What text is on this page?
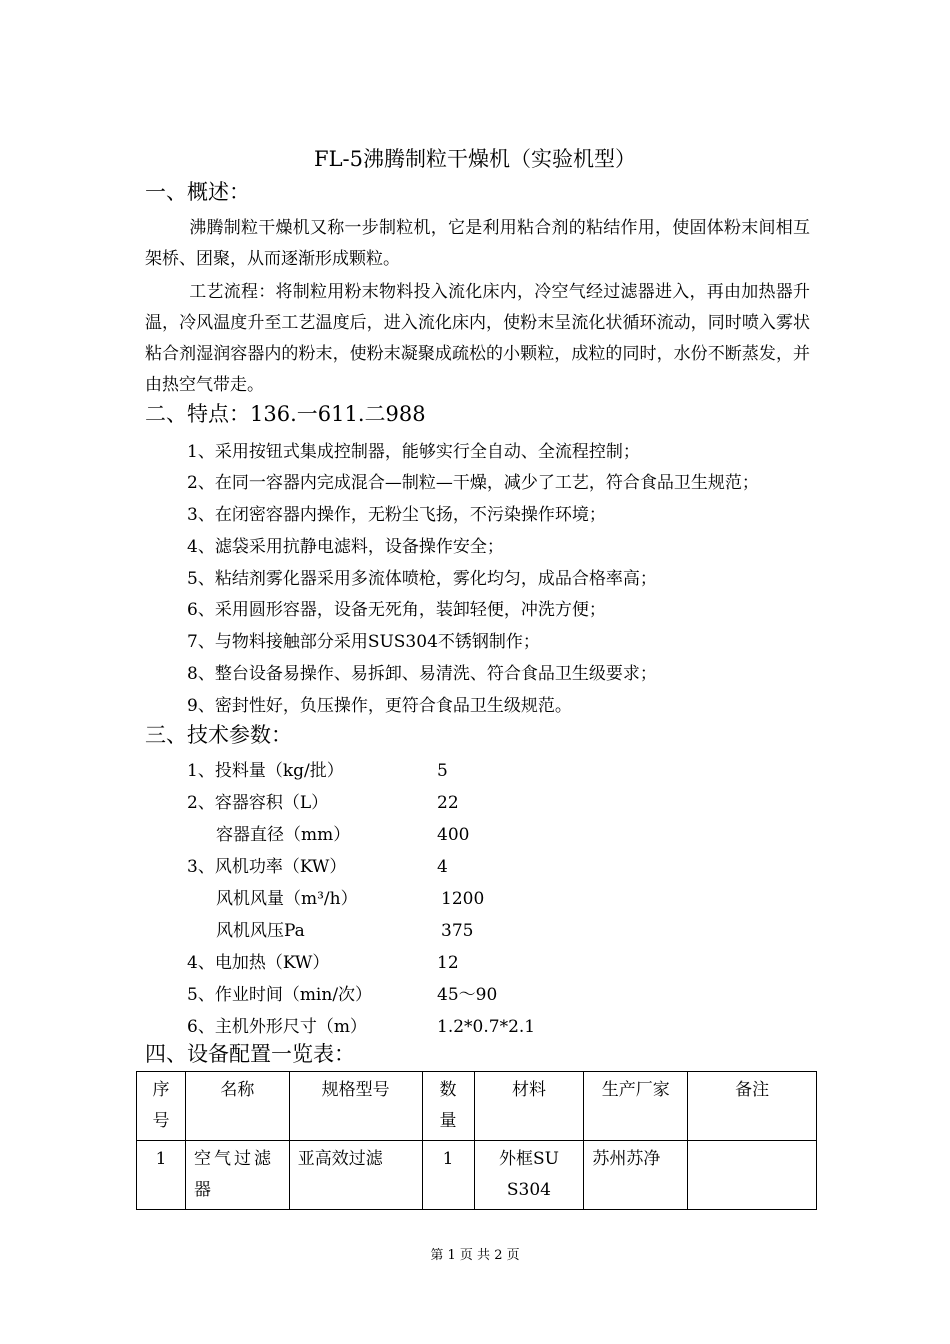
FL-5沸腾制粒干燥机（实验机型）
一、概述：
沸腾制粒干燥机又称一步制粒机，它是利用粘合剂的粘结作用，使固体粉末间相互架桥、团聚，从而逐渐形成颗粒。
工艺流程：将制粒用粉末物料投入流化床内，冷空气经过滤器进入，再由加热器升温，冷风温度升至工艺温度后，进入流化床内，使粉末呈流化状循环流动，同时喷入雾状粘合剂湿润容器内的粉末，使粉末凝聚成疏松的小颗粒，成粒的同时，水份不断蒸发，并由热空气带走。
二、特点：136.一611.二988
1、采用按钮式集成控制器，能够实行全自动、全流程控制；
2、在同一容器内完成混合—制粒—干燥，减少了工艺，符合食品卫生规范；
3、在闭密容器内操作，无粉尘飞扬，不污染操作环境；
4、滤袋采用抗静电滤料，设备操作安全；
5、粘结剂雾化器采用多流体喷枪，雾化均匀，成品合格率高；
6、采用圆形容器，设备无死角，装卸轻便，冲洗方便；
7、与物料接触部分采用SUS304不锈钢制作；
8、整台设备易操作、易拆卸、易清洗、符合食品卫生级要求；
9、密封性好，负压操作，更符合食品卫生级规范。
三、技术参数：
1、投料量（kg/批）	5
2、容器容积（L）	22
容器直径（mm）	400
3、风机功率（KW）	4
风机风量（m³/h）	1200
风机风压Pa	375
4、电加热（KW）	12
5、作业时间（min/次）	45～90
6、主机外形尺寸（m）	1.2*0.7*2.1
四、设备配置一览表：
序号	名称	规格型号	数量	材料	生产厂家	备注
1	空气过滤器	亚高效过滤	1	外框SUS304	苏州苏净	
第 1 页 共 2 页
